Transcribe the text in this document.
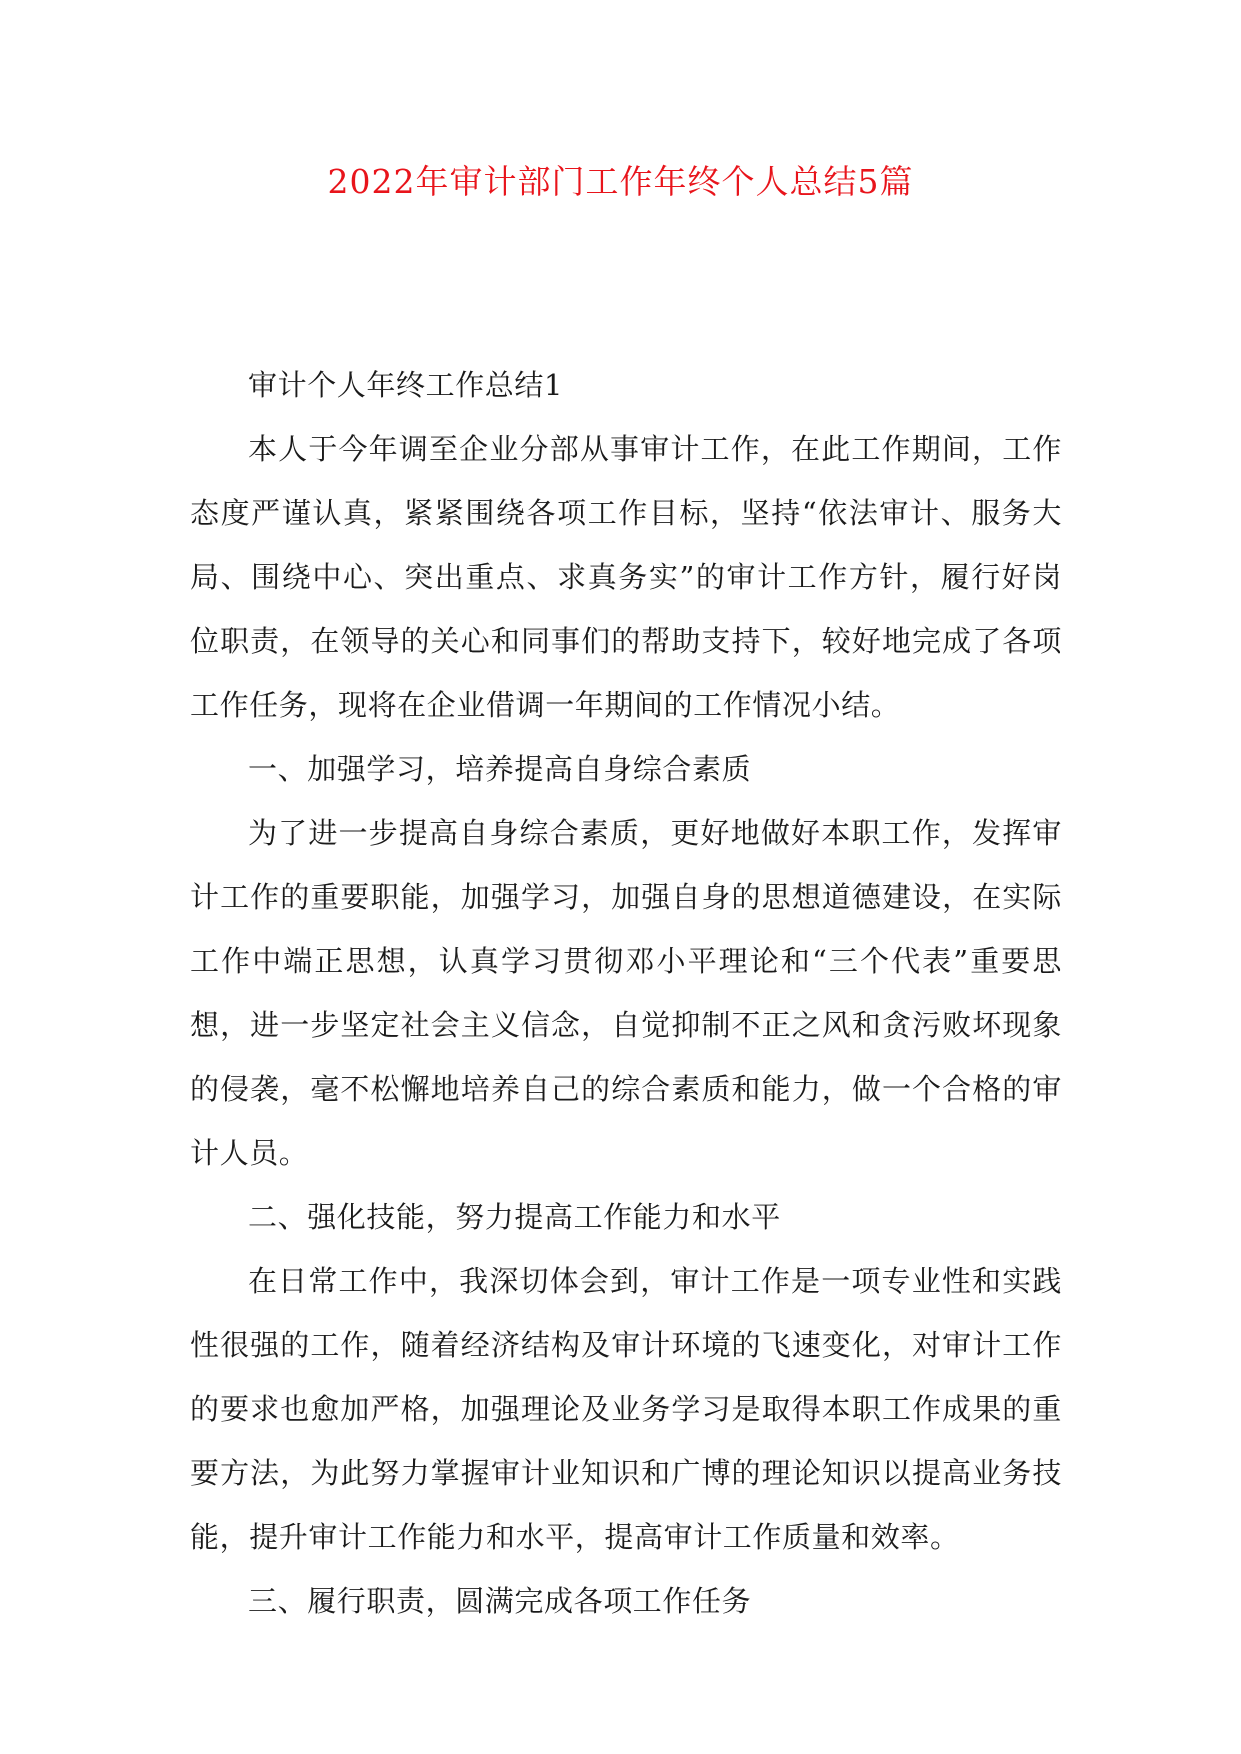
2022年审计部门工作年终个人总结5篇

审计个人年终工作总结1

本人于今年调至企业分部从事审计工作，在此工作期间，工作态度严谨认真，紧紧围绕各项工作目标，坚持“依法审计、服务大局、围绕中心、突出重点、求真务实”的审计工作方针，履行好岗位职责，在领导的关心和同事们的帮助支持下，较好地完成了各项工作任务，现将在企业借调一年期间的工作情况小结。

一、加强学习，培养提高自身综合素质

为了进一步提高自身综合素质，更好地做好本职工作，发挥审计工作的重要职能，加强学习，加强自身的思想道德建设，在实际工作中端正思想，认真学习贯彻邓小平理论和“三个代表”重要思想，进一步坚定社会主义信念，自觉抑制不正之风和贪污败坏现象的侵袭，毫不松懈地培养自己的综合素质和能力，做一个合格的审计人员。

二、强化技能，努力提高工作能力和水平

在日常工作中，我深切体会到，审计工作是一项专业性和实践性很强的工作，随着经济结构及审计环境的飞速变化，对审计工作的要求也愈加严格，加强理论及业务学习是取得本职工作成果的重要方法，为此努力掌握审计业知识和广博的理论知识以提高业务技能，提升审计工作能力和水平，提高审计工作质量和效率。

三、履行职责，圆满完成各项工作任务
